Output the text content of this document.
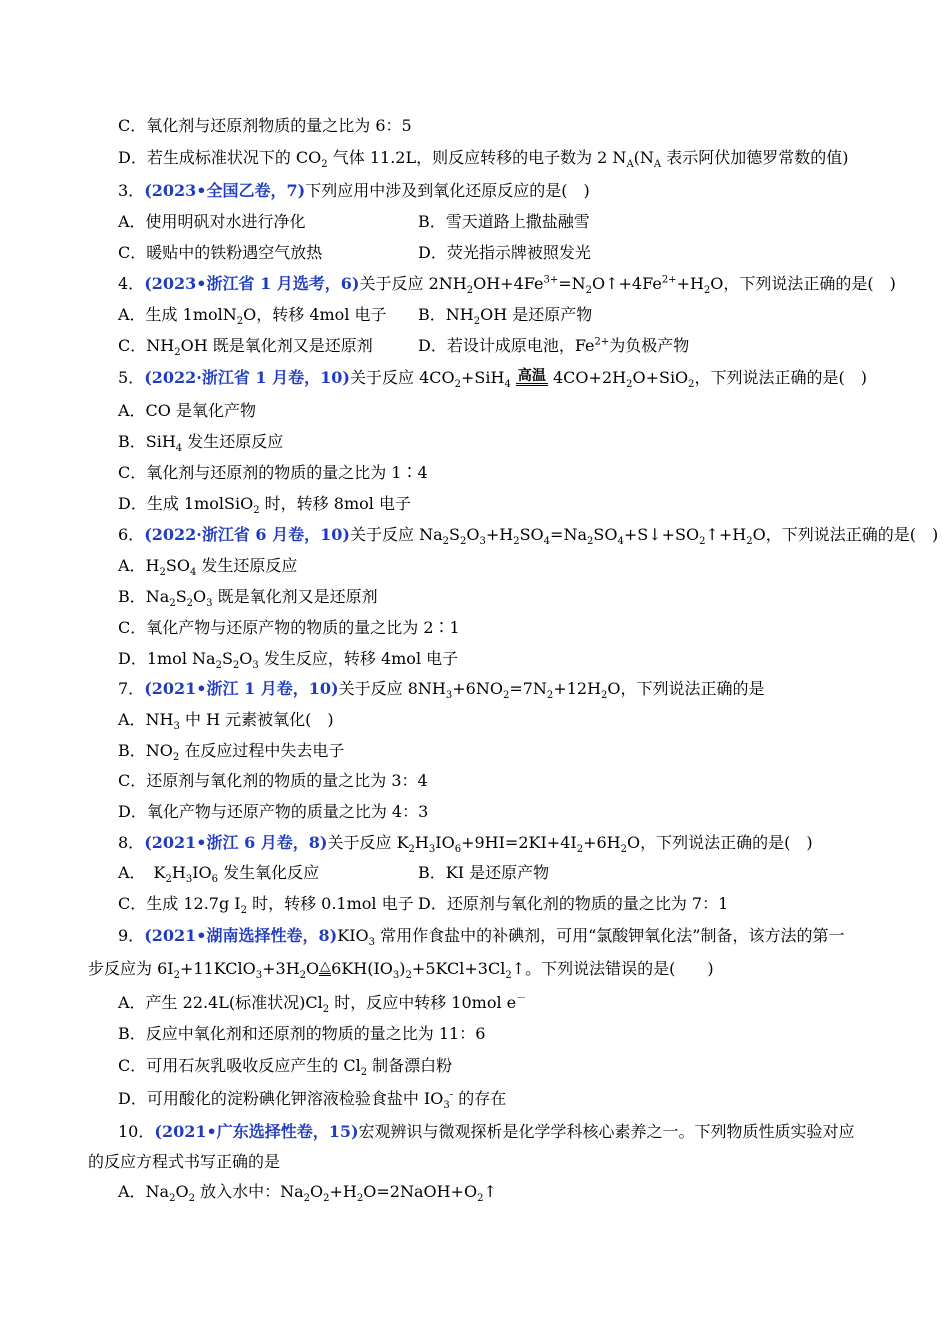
C．氧化剂与还原剂物质的量之比为 6：5
D．若生成标准状况下的 $CO_2$ 气体 11.2L，则反应转移的电子数为 2 $N_A(N_A$ 表示阿伏加德罗常数的值)
3．(2023•全国乙卷，7)下列应用中涉及到氧化还原反应的是(　)
A．使用明矾对水进行净化	B．雪天道路上撒盐融雪
C．暖贴中的铁粉遇空气放热	D．荧光指示牌被照发光
4．(2023•浙江省 1 月选考，6)关于反应 $2NH_2OH+4Fe^{3+}=N_2O↑+4Fe^{2+}+H_2O$，下列说法正确的是(　)
A．生成 1molN$_2$O，转移 4mol 电子 B．$NH_2OH$ 是还原产物
C．$NH_2OH$ 既是氧化剂又是还原剂	D．若设计成原电池，$Fe^{2+}$为负极产物
5．(2022·浙江省 1 月卷，10)关于反应 $4CO_2+SiH_4$ 高温 $4CO+2H_2O+SiO_2$，下列说法正确的是(　)
A．CO 是氧化产物
B．SiH$_4$ 发生还原反应
C．氧化剂与还原剂的物质的量之比为 1∶4
D．生成 1molSiO$_2$ 时，转移 8mol 电子
6．(2022·浙江省 6 月卷，10)关于反应 $Na_2S_2O_3+H_2SO_4=Na_2SO_4+S↓+SO_2↑+H_2O$，下列说法正确的是(　)
A．$H_2SO_4$ 发生还原反应
B．$Na_2S_2O_3$ 既是氧化剂又是还原剂
C．氧化产物与还原产物的物质的量之比为 2∶1
D．1mol $Na_2S_2O_3$ 发生反应，转移 4mol 电子
7．(2021•浙江 1 月卷，10)关于反应 $8NH_3+6NO_2=7N_2+12H_2O$，下列说法正确的是
A．$NH_3$ 中 H 元素被氧化(　)
B．$NO_2$ 在反应过程中失去电子
C．还原剂与氧化剂的物质的量之比为 3：4
D．氧化产物与还原产物的质量之比为 4：3
8．(2021•浙江 6 月卷，8)关于反应 $K_2H_3IO_6+9HI=2KI+4I_2+6H_2O$，下列说法正确的是(　)
A．　$K_2H_3IO_6$ 发生氧化反应	B．KI 是还原产物
C．生成 12.7g $I_2$ 时，转移 0.1mol 电子 D．还原剂与氧化剂的物质的量之比为 7：1
9．(2021•湖南选择性卷，$8)KIO_3$ 常用作食盐中的补碘剂，可用“氯酸钾氧化法”制备，该方法的第一
步反应为 $6I_2+11KClO_3+3H_2O\triangle 6KH(IO_3)_2+5KCl+3Cl_2↑$。下列说法错误的是(　　)
A．产生 22.4L(标准状况)$Cl_2$ 时，反应中转移 10mol e－
B．反应中氧化剂和还原剂的物质的量之比为 11：6
C．可用石灰乳吸收反应产生的 $Cl_2$ 制备漂白粉
D．可用酸化的淀粉碘化钾溶液检验食盐中 $IO_3^-$ 的存在
10．(2021•广东选择性卷，15)宏观辨识与微观探析是化学学科核心素养之一。下列物质性质实验对应
的反应方程式书写正确的是
A．$Na_2O_2$ 放入水中：$Na_2O_2+H_2O=2NaOH+O_2↑$
